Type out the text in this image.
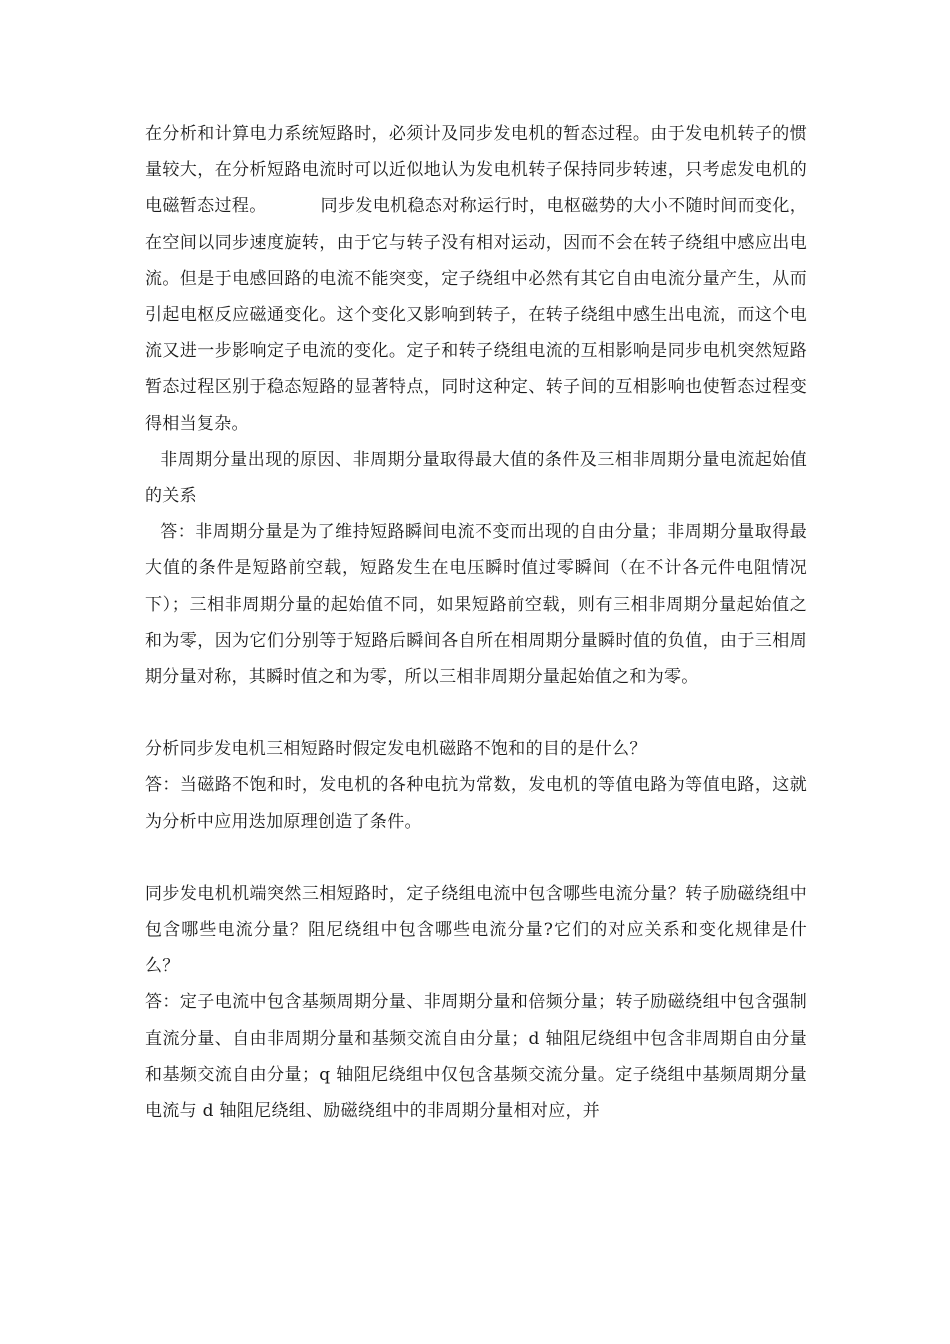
在分析和计算电力系统短路时，必须计及同步发电机的暂态过程。由于发电机转子的惯量较大，在分析短路电流时可以近似地认为发电机转子保持同步转速，只考虑发电机的电磁暂态过程。	同步发电机稳态对称运行时，电枢磁势的大小不随时间而变化，在空间以同步速度旋转，由于它与转子没有相对运动，因而不会在转子绕组中感应出电流。但是于电感回路的电流不能突变，定子绕组中必然有其它自由电流分量产生，从而引起电枢反应磁通变化。这个变化又影响到转子，在转子绕组中感生出电流，而这个电流又进一步影响定子电流的变化。定子和转子绕组电流的互相影响是同步电机突然短路暂态过程区别于稳态短路的显著特点，同时这种定、转子间的互相影响也使暂态过程变得相当复杂。

非周期分量出现的原因、非周期分量取得最大值的条件及三相非周期分量电流起始值的关系

答：非周期分量是为了维持短路瞬间电流不变而出现的自由分量；非周期分量取得最大值的条件是短路前空载，短路发生在电压瞬时值过零瞬间（在不计各元件电阻情况下）；三相非周期分量的起始值不同，如果短路前空载，则有三相非周期分量起始值之和为零，因为它们分别等于短路后瞬间各自所在相周期分量瞬时值的负值，由于三相周期分量对称，其瞬时值之和为零，所以三相非周期分量起始值之和为零。

分析同步发电机三相短路时假定发电机磁路不饱和的目的是什么？

答：当磁路不饱和时，发电机的各种电抗为常数，发电机的等值电路为等值电路，这就为分析中应用迭加原理创造了条件。

同步发电机机端突然三相短路时，定子绕组电流中包含哪些电流分量？转子励磁绕组中包含哪些电流分量？阻尼绕组中包含哪些电流分量?它们的对应关系和变化规律是什么？

答：定子电流中包含基频周期分量、非周期分量和倍频分量；转子励磁绕组中包含强制直流分量、自由非周期分量和基频交流自由分量；d 轴阻尼绕组中包含非周期自由分量和基频交流自由分量；q 轴阻尼绕组中仅包含基频交流分量。定子绕组中基频周期分量电流与 d 轴阻尼绕组、励磁绕组中的非周期分量相对应，并
